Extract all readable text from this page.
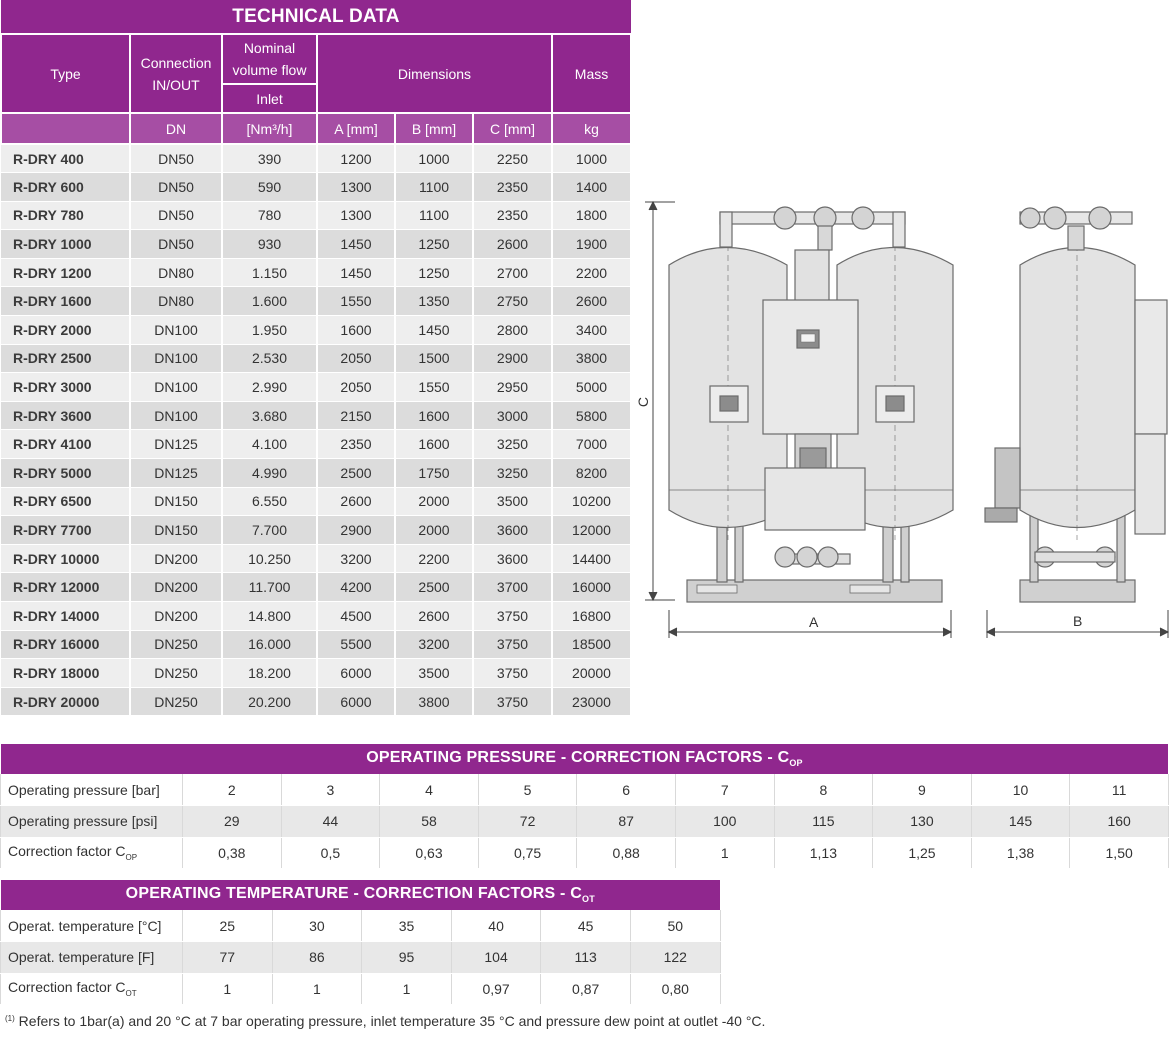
TECHNICAL DATA						
Type	Connection IN/OUT	Nominal volume flow	Dimensions			Mass
		Inlet				
	DN	[Nm³/h]	A [mm]	B [mm]	C [mm]	kg
R-DRY 400	DN50	390	1200	1000	2250	1000
R-DRY 600	DN50	590	1300	1100	2350	1400
R-DRY 780	DN50	780	1300	1100	2350	1800
R-DRY 1000	DN50	930	1450	1250	2600	1900
R-DRY 1200	DN80	1.150	1450	1250	2700	2200
R-DRY 1600	DN80	1.600	1550	1350	2750	2600
R-DRY 2000	DN100	1.950	1600	1450	2800	3400
R-DRY 2500	DN100	2.530	2050	1500	2900	3800
R-DRY 3000	DN100	2.990	2050	1550	2950	5000
R-DRY 3600	DN100	3.680	2150	1600	3000	5800
R-DRY 4100	DN125	4.100	2350	1600	3250	7000
R-DRY 5000	DN125	4.990	2500	1750	3250	8200
R-DRY 6500	DN150	6.550	2600	2000	3500	10200
R-DRY 7700	DN150	7.700	2900	2000	3600	12000
R-DRY 10000	DN200	10.250	3200	2200	3600	14400
R-DRY 12000	DN200	11.700	4200	2500	3700	16000
R-DRY 14000	DN200	14.800	4500	2600	3750	16800
R-DRY 16000	DN250	16.000	5500	3200	3750	18500
R-DRY 18000	DN250	18.200	6000	3500	3750	20000
R-DRY 20000	DN250	20.200	6000	3800	3750	23000
A	B
C
OPERATING PRESSURE - CORRECTION FACTORS - $C_{OP}$
Operating pressure [bar]	2	3	4	5	6	7	8	9	10	11
Operating pressure [psi]	29	44	58	72	87	100	115	130	145	160
Correction factor $C_{OP}$	0,38	0,5	0,63	0,75	0,88	1	1,13	1,25	1,38	1,50
OPERATING TEMPERATURE - CORRECTION FACTORS - $C_{OT}$
Operat. temperature [°C]	25	30	35	40	45	50
Operat. temperature [F]	77	86	95	104	113	122
Correction factor $C_{OT}$	1	1	1	0,97	0,87	0,80
$^{(1)}$ Refers to 1bar(a) and 20 °C at 7 bar operating pressure, inlet temperature 35 °C and pressure dew point at outlet -40 °C.
